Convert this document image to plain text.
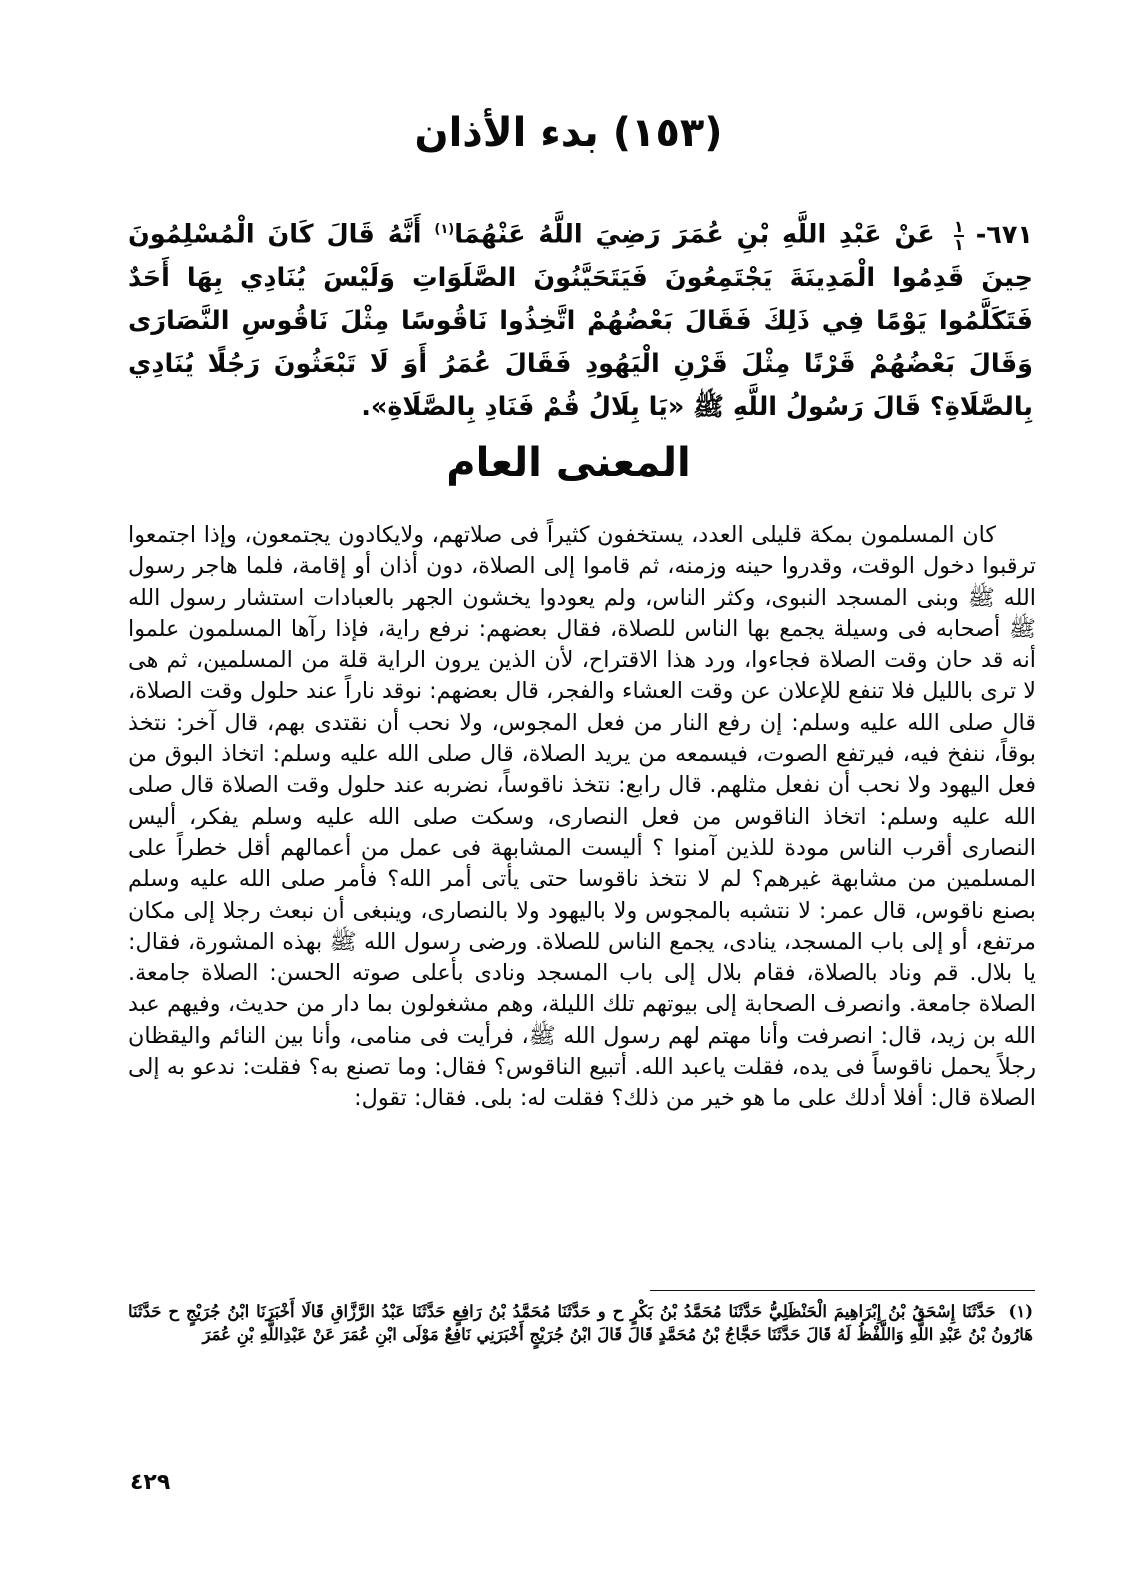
(١٥٣) بدء الأذان
٦٧١-
$\frac{١}{١}$
عَنْ عَبْدِ اللَّهِ بْنِ عُمَرَ رَضِيَ اللَّهُ عَنْهُمَا$^{(١)}$ أَنَّهُ قَالَ كَانَ الْمُسْلِمُونَ حِينَ قَدِمُوا الْمَدِينَةَ يَجْتَمِعُونَ فَيَتَحَيَّنُونَ الصَّلَوَاتِ وَلَيْسَ يُنَادِي بِهَا أَحَدٌ فَتَكَلَّمُوا يَوْمًا فِي ذَلِكَ فَقَالَ بَعْضُهُمْ اتَّخِذُوا نَاقُوسًا مِثْلَ نَاقُوسِ النَّصَارَى وَقَالَ بَعْضُهُمْ قَرْنًا مِثْلَ قَرْنِ الْيَهُودِ فَقَالَ عُمَرُ أَوَ لَا تَبْعَثُونَ رَجُلًا يُنَادِي بِالصَّلَاةِ؟ قَالَ رَسُولُ اللَّهِ ﷺ «يَا بِلَالُ قُمْ فَنَادِ بِالصَّلَاةِ».
المعنى العام

كان المسلمون بمكة قليلى العدد، يستخفون كثيراً فى صلاتهم، ولايكادون يجتمعون، وإذا اجتمعوا ترقبوا دخول الوقت، وقدروا حينه وزمنه، ثم قاموا إلى الصلاة، دون أذان أو إقامة، فلما هاجر رسول الله ﷺ وبنى المسجد النبوى، وكثر الناس، ولم يعودوا يخشون الجهر بالعبادات استشار رسول الله ﷺ أصحابه فى وسيلة يجمع بها الناس للصلاة، فقال بعضهم: نرفع راية، فإذا رآها المسلمون علموا أنه قد حان وقت الصلاة فجاءوا، ورد هذا الاقتراح، لأن الذين يرون الراية قلة من المسلمين، ثم هى لا ترى بالليل فلا تنفع للإعلان عن وقت العشاء والفجر، قال بعضهم: نوقد ناراً عند حلول وقت الصلاة، قال صلى الله عليه وسلم: إن رفع النار من فعل المجوس، ولا نحب أن نقتدى بهم، قال آخر: نتخذ بوقاً، ننفخ فيه، فيرتفع الصوت، فيسمعه من يريد الصلاة، قال صلى الله عليه وسلم: اتخاذ البوق من فعل اليهود ولا نحب أن نفعل مثلهم. قال رابع: نتخذ ناقوساً، نضربه عند حلول وقت الصلاة قال صلى الله عليه وسلم: اتخاذ الناقوس من فعل النصارى، وسكت صلى الله عليه وسلم يفكر، أليس النصارى أقرب الناس مودة للذين آمنوا ؟ أليست المشابهة فى عمل من أعمالهم أقل خطراً على المسلمين من مشابهة غيرهم؟ لم لا نتخذ ناقوسا حتى يأتى أمر الله؟ فأمر صلى الله عليه وسلم بصنع ناقوس، قال عمر: لا نتشبه بالمجوس ولا باليهود ولا بالنصارى، وينبغى أن نبعث رجلا إلى مكان مرتفع، أو إلى باب المسجد، ينادى، يجمع الناس للصلاة. ورضى رسول الله ﷺ بهذه المشورة، فقال: يا بلال. قم وناد بالصلاة، فقام بلال إلى باب المسجد ونادى بأعلى صوته الحسن: الصلاة جامعة. الصلاة جامعة. وانصرف الصحابة إلى بيوتهم تلك الليلة، وهم مشغولون بما دار من حديث، وفيهم عبد الله بن زيد، قال: انصرفت وأنا مهتم لهم رسول الله ﷺ، فرأيت فى منامى، وأنا بين النائم واليقظان رجلاً يحمل ناقوساً فى يده، فقلت ياعبد الله. أتبيع الناقوس؟ فقال: وما تصنع به؟ فقلت: ندعو به إلى الصلاة قال: أفلا أدلك على ما هو خير من ذلك؟ فقلت له: بلى. فقال: تقول:

(١) حَدَّثَنَا إِسْحَقُ بْنُ إِبْرَاهِيمَ الْحَنْظَلِيُّ حَدَّثَنَا مُحَمَّدُ بْنُ بَكْرٍ ح و حَدَّثَنَا مُحَمَّدُ بْنُ رَافِعٍ حَدَّثَنَا عَبْدُ الرَّزَّاقِ قَالَا أَخْبَرَنَا ابْنُ جُرَيْجٍ ح حَدَّثَنَا هَارُونُ بْنُ عَبْدِ اللَّهِ وَاللَّفْظُ لَهُ قَالَ حَدَّثَنَا حَجَّاجُ بْنُ مُحَمَّدٍ قَالَ قَالَ ابْنُ جُرَيْجٍ أَخْبَرَنِي نَافِعٌ مَوْلَى ابْنِ عُمَرَ عَنْ عَبْدِاللَّهِ بْنِ عُمَرَ
٤٢٩
